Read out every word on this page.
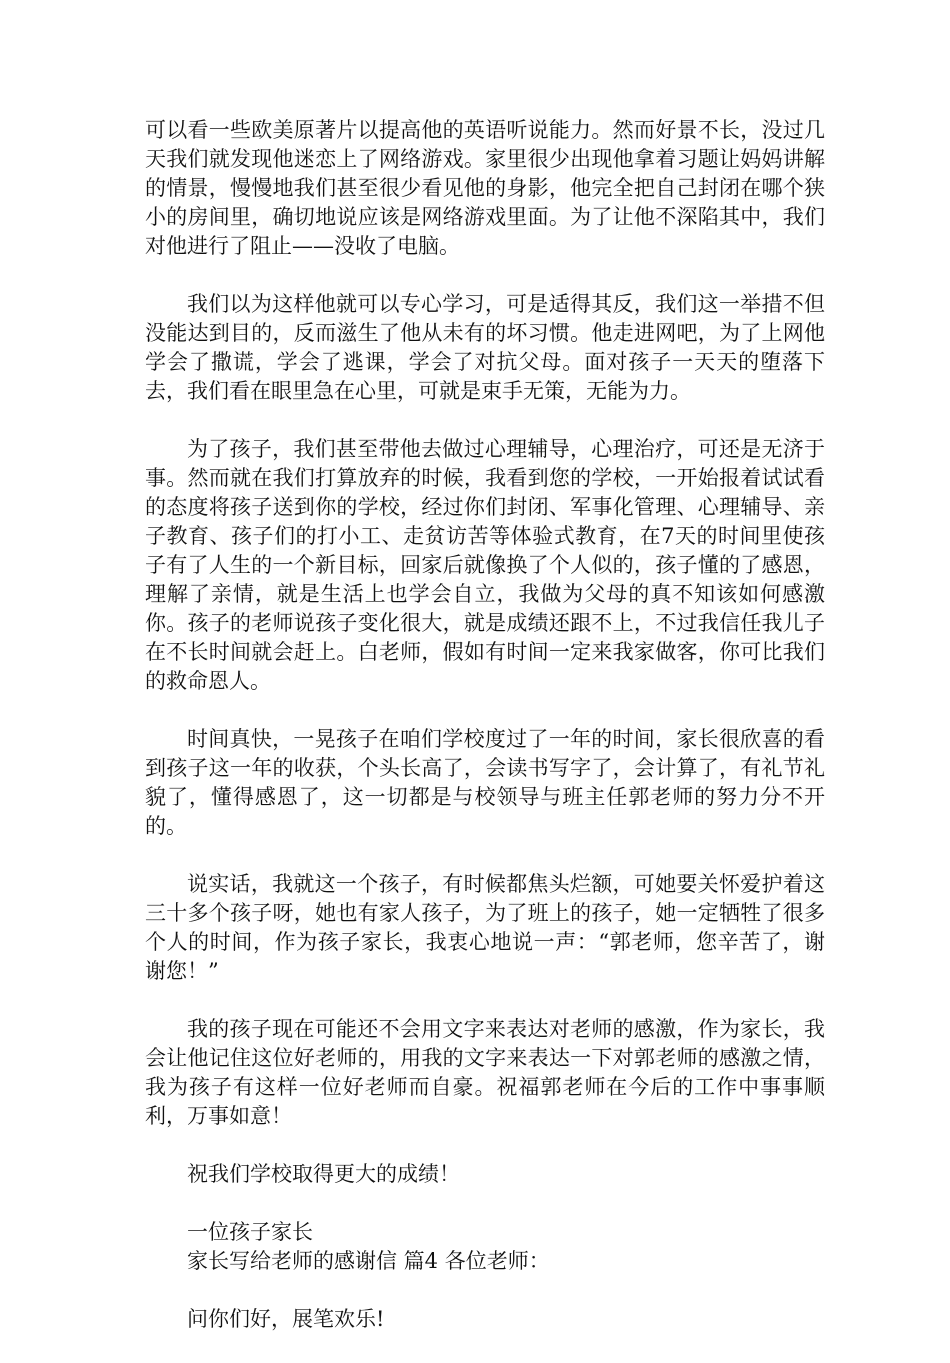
可以看一些欧美原著片以提高他的英语听说能力。然而好景不长，没过几天我们就发现他迷恋上了网络游戏。家里很少出现他拿着习题让妈妈讲解的情景，慢慢地我们甚至很少看见他的身影，他完全把自己封闭在哪个狭小的房间里，确切地说应该是网络游戏里面。为了让他不深陷其中，我们对他进行了阻止——没收了电脑。

我们以为这样他就可以专心学习，可是适得其反，我们这一举措不但没能达到目的，反而滋生了他从未有的坏习惯。他走进网吧，为了上网他学会了撒谎，学会了逃课，学会了对抗父母。面对孩子一天天的堕落下去，我们看在眼里急在心里，可就是束手无策，无能为力。

为了孩子，我们甚至带他去做过心理辅导，心理治疗，可还是无济于事。然而就在我们打算放弃的时候，我看到您的学校，一开始报着试试看的态度将孩子送到你的学校，经过你们封闭、军事化管理、心理辅导、亲子教育、孩子们的打小工、走贫访苦等体验式教育，在7天的时间里使孩子有了人生的一个新目标，回家后就像换了个人似的，孩子懂的了感恩，理解了亲情，就是生活上也学会自立，我做为父母的真不知该如何感激你。孩子的老师说孩子变化很大，就是成绩还跟不上，不过我信任我儿子在不长时间就会赶上。白老师，假如有时间一定来我家做客，你可比我们的救命恩人。

时间真快，一晃孩子在咱们学校度过了一年的时间，家长很欣喜的看到孩子这一年的收获，个头长高了，会读书写字了，会计算了，有礼节礼貌了，懂得感恩了，这一切都是与校领导与班主任郭老师的努力分不开的。

说实话，我就这一个孩子，有时候都焦头烂额，可她要关怀爱护着这三十多个孩子呀，她也有家人孩子，为了班上的孩子，她一定牺牲了很多个人的时间，作为孩子家长，我衷心地说一声：“郭老师，您辛苦了，谢谢您！”

我的孩子现在可能还不会用文字来表达对老师的感激，作为家长，我会让他记住这位好老师的，用我的文字来表达一下对郭老师的感激之情，我为孩子有这样一位好老师而自豪。祝福郭老师在今后的工作中事事顺利，万事如意！

祝我们学校取得更大的成绩！

一位孩子家长
家长写给老师的感谢信 篇4 各位老师：

问你们好，展笔欢乐!
